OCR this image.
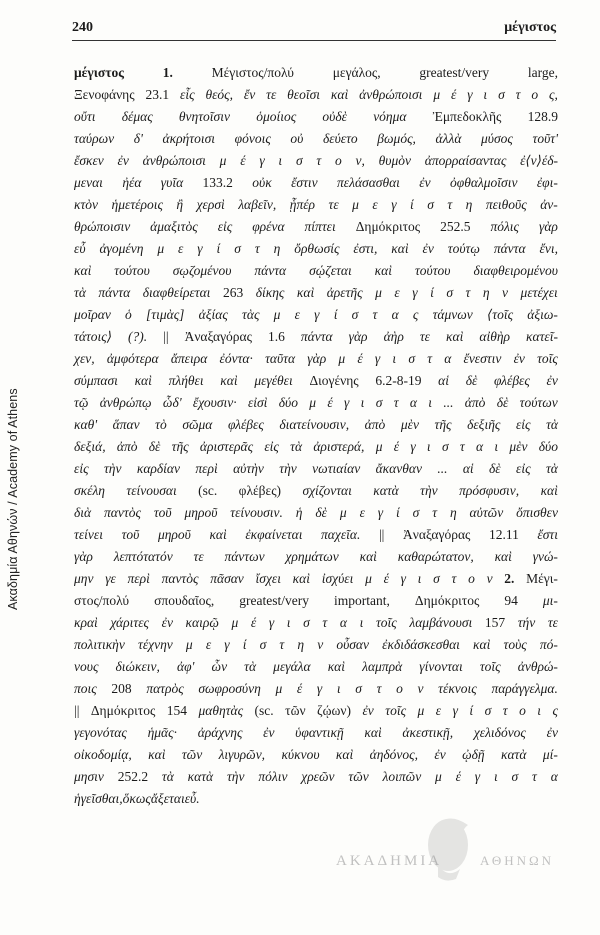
Ακαδημία Αθηνών / Academy of Athens
240	μέγιστος
μέγιστος	1.	Μέγιστος/πολύ	μεγάλος,	greatest/very	large,
Ξενοφάνης 23.1 εἷς θεός, ἔν τε θεοῖσι καὶ ἀνθρώποισι μ έ γ ι σ τ ο ς,
οὔτι δέμας θνητοῖσιν ὁμοίιος οὐδὲ νόημα Ἐμπεδοκλῆς 128.9
ταύρων δ' ἀκρήτοισι φόνοις οὐ δεύετο βωμός, ἀλλὰ μύσος τοῦτ'
ἔσκεν ἐν ἀνθρώποισι μ έ γ ι σ τ ο ν, θυμὸν ἀπορραίσαντας ἐ⟨ν⟩έδ-
μεναι ἠέα γυῖα 133.2 οὐκ ἔστιν πελάσασθαι ἐν ὀφθαλμοῖσιν ἐφι-
κτὸν ἡμετέροις ἢ χερσὶ λαβεῖν, ᾗπέρ τε μ ε γ ί σ τ η πειθοῦς ἀν-
θρώποισιν ἀμαξιτὸς εἰς φρένα πίπτει Δημόκριτος 252.5 πόλις γὰρ
εὖ ἀγομένη μ ε γ ί σ τ η ὄρθωσίς ἐστι, καὶ ἐν τούτῳ πάντα ἔνι,
καὶ τούτου σῳζομένου πάντα σῴζεται καὶ τούτου διαφθειρομένου
τὰ πάντα διαφθείρεται 263 δίκης καὶ ἀρετῆς μ ε γ ί σ τ η ν μετέχει
μοῖραν ὁ [τιμὰς] ἀξίας τὰς μ ε γ ί σ τ α ς τάμνων ⟨τοῖς ἀξιω-
τάτοις⟩ (?). || Ἀναξαγόρας 1.6 πάντα γὰρ ἀὴρ τε καὶ αἰθὴρ κατεῖ-
χεν, ἀμφότερα ἄπειρα ἐόντα· ταῦτα γὰρ μ έ γ ι σ τ α ἔνεστιν ἐν τοῖς
σύμπασι καὶ πλήθει καὶ μεγέθει Διογένης 6.2-8-19 αἱ δὲ φλέβες ἐν
τῷ ἀνθρώπῳ ὧδ' ἔχουσιν· εἰσὶ δύο μ έ γ ι σ τ α ι ... ἀπὸ δὲ τούτων
καθ' ἅπαν τὸ σῶμα φλέβες διατείνουσιν, ἀπὸ μὲν τῆς δεξιῆς εἰς τὰ
δεξιά, ἀπὸ δὲ τῆς ἀριστερᾶς εἰς τὰ ἀριστερά, μ έ γ ι σ τ α ι μὲν δύο
εἰς τὴν καρδίαν περὶ αὐτὴν τὴν νωτιαίαν ἄκανθαν ... αἱ δὲ εἰς τὰ
σκέλη τείνουσαι (sc. φλέβες) σχίζονται κατὰ τὴν πρόσφυσιν, καὶ
διὰ παντὸς τοῦ μηροῦ τείνουσιν. ἡ δὲ μ ε γ ί σ τ η αὐτῶν ὄπισθεν
τείνει τοῦ μηροῦ καὶ ἐκφαίνεται παχεῖα. || Ἀναξαγόρας 12.11 ἔστι
γὰρ λεπτότατόν τε πάντων χρημάτων καὶ καθαρώτατον, καὶ γνώ-
μην γε περὶ παντὸς πᾶσαν ἴσχει καὶ ἰσχύει μ έ γ ι σ τ ο ν 2. Μέγι-
στος/πολύ σπουδαῖος, greatest/very important, Δημόκριτος 94 μι-
κραὶ χάριτες ἐν καιρῷ μ έ γ ι σ τ α ι τοῖς λαμβάνουσι 157 τήν τε
πολιτικὴν τέχνην μ ε γ ί σ τ η ν οὖσαν ἐκδιδάσκεσθαι καὶ τοὺς πό-
νους διώκειν, ἀφ' ὧν τὰ μεγάλα καὶ λαμπρὰ γίνονται τοῖς ἀνθρώ-
ποις 208 πατρὸς σωφροσύνη μ έ γ ι σ τ ο ν τέκνοις παράγγελμα.
|| Δημόκριτος 154 μαθητὰς (sc. τῶν ζῴων) ἐν τοῖς μ ε γ ί σ τ ο ι ς
γεγονότας ἡμᾶς· ἀράχνης ἐν ὑφαντικῇ καὶ ἀκεστικῇ, χελιδόνος ἐν
οἰκοδομίᾳ, καὶ τῶν λιγυρῶν, κύκνου καὶ ἀηδόνος, ἐν ᾠδῇ κατὰ μί-
μησιν 252.2 τὰ κατὰ τὴν πόλιν χρεῶν τῶν λοιπῶν μ έ γ ι σ τ α
ἡγεῖσθαι,ὅκωςἄξεταιεὖ.
ΑΚΑΔΗΜΙΑ	ΑΘΗΝΩΝ
